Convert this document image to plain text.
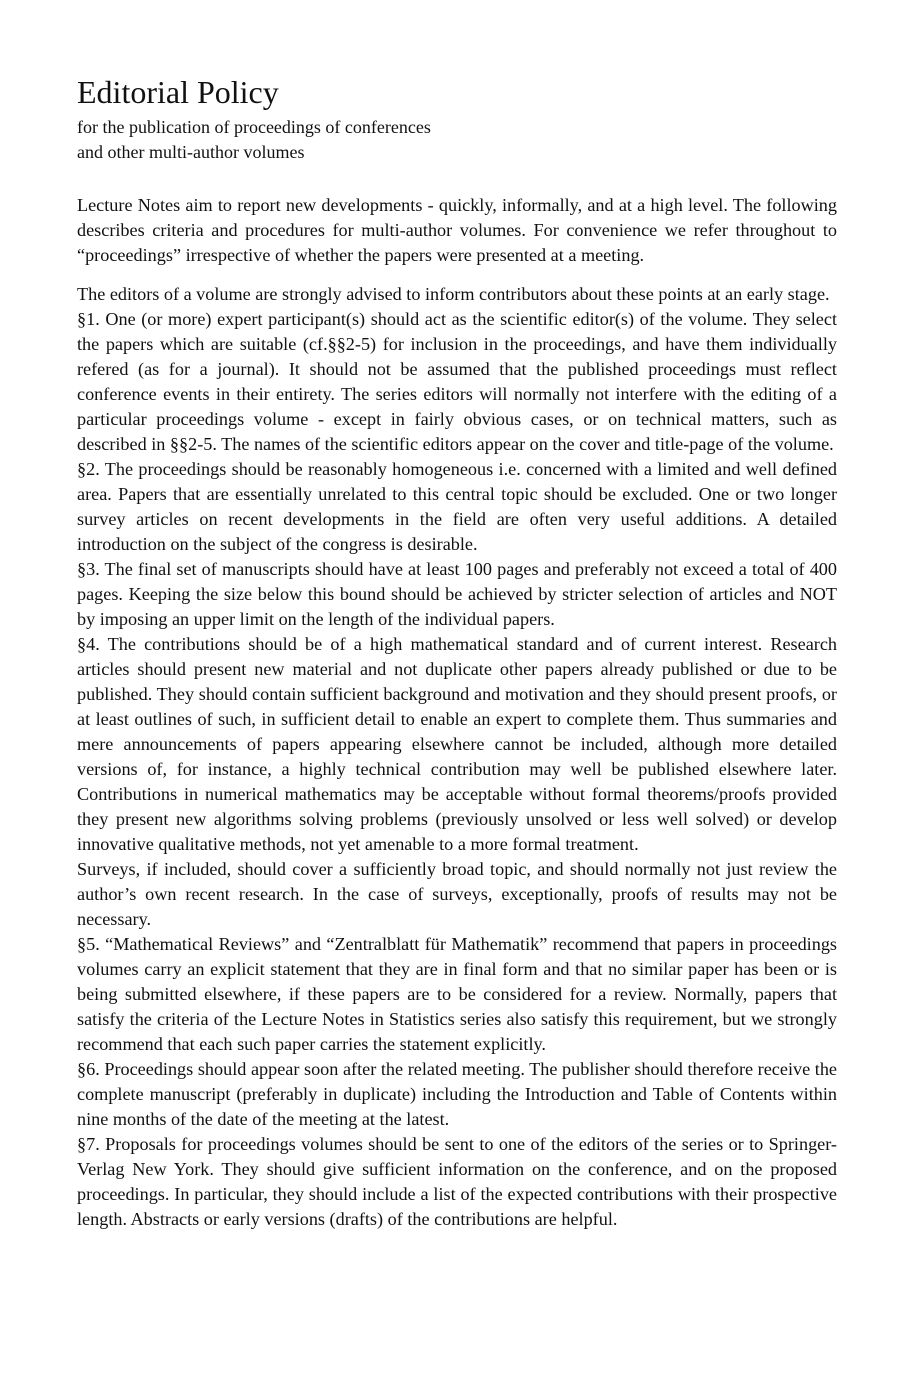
Editorial Policy
for the publication of proceedings of conferences
and other multi-author volumes

Lecture Notes aim to report new developments - quickly, informally, and at a high level. The following describes criteria and procedures for multi-author volumes. For convenience we refer throughout to “proceedings” irrespective of whether the papers were presented at a meeting.

The editors of a volume are strongly advised to inform contributors about these points at an early stage.

§1. One (or more) expert participant(s) should act as the scientific editor(s) of the volume. They select the papers which are suitable (cf.§§2-5) for inclusion in the proceedings, and have them individually refered (as for a journal). It should not be assumed that the published proceedings must reflect conference events in their entirety. The series editors will normally not interfere with the editing of a particular proceedings volume - except in fairly obvious cases, or on technical matters, such as described in §§2-5. The names of the scientific editors appear on the cover and title-page of the volume.

§2. The proceedings should be reasonably homogeneous i.e. concerned with a limited and well defined area. Papers that are essentially unrelated to this central topic should be excluded. One or two longer survey articles on recent developments in the field are often very useful additions. A detailed introduction on the subject of the congress is desirable.

§3. The final set of manuscripts should have at least 100 pages and preferably not exceed a total of 400 pages. Keeping the size below this bound should be achieved by stricter selection of articles and NOT by imposing an upper limit on the length of the individual papers.

§4. The contributions should be of a high mathematical standard and of current interest. Research articles should present new material and not duplicate other papers already published or due to be published. They should contain sufficient background and motivation and they should present proofs, or at least outlines of such, in sufficient detail to enable an expert to complete them. Thus summaries and mere announcements of papers appearing elsewhere cannot be included, although more detailed versions of, for instance, a highly technical contribution may well be published elsewhere later. Contributions in numerical mathematics may be acceptable without formal theorems/proofs provided they present new algorithms solving problems (previously unsolved or less well solved) or develop innovative qualitative methods, not yet amenable to a more formal treatment.

Surveys, if included, should cover a sufficiently broad topic, and should normally not just review the author’s own recent research. In the case of surveys, exceptionally, proofs of results may not be necessary.

§5. “Mathematical Reviews” and “Zentralblatt für Mathematik” recommend that papers in proceedings volumes carry an explicit statement that they are in final form and that no similar paper has been or is being submitted elsewhere, if these papers are to be considered for a review. Normally, papers that satisfy the criteria of the Lecture Notes in Statistics series also satisfy this requirement, but we strongly recommend that each such paper carries the statement explicitly.

§6. Proceedings should appear soon after the related meeting. The publisher should therefore receive the complete manuscript (preferably in duplicate) including the Introduction and Table of Contents within nine months of the date of the meeting at the latest.

§7. Proposals for proceedings volumes should be sent to one of the editors of the series or to Springer-Verlag New York. They should give sufficient information on the conference, and on the proposed proceedings. In particular, they should include a list of the expected contributions with their prospective length. Abstracts or early versions (drafts) of the contributions are helpful.
